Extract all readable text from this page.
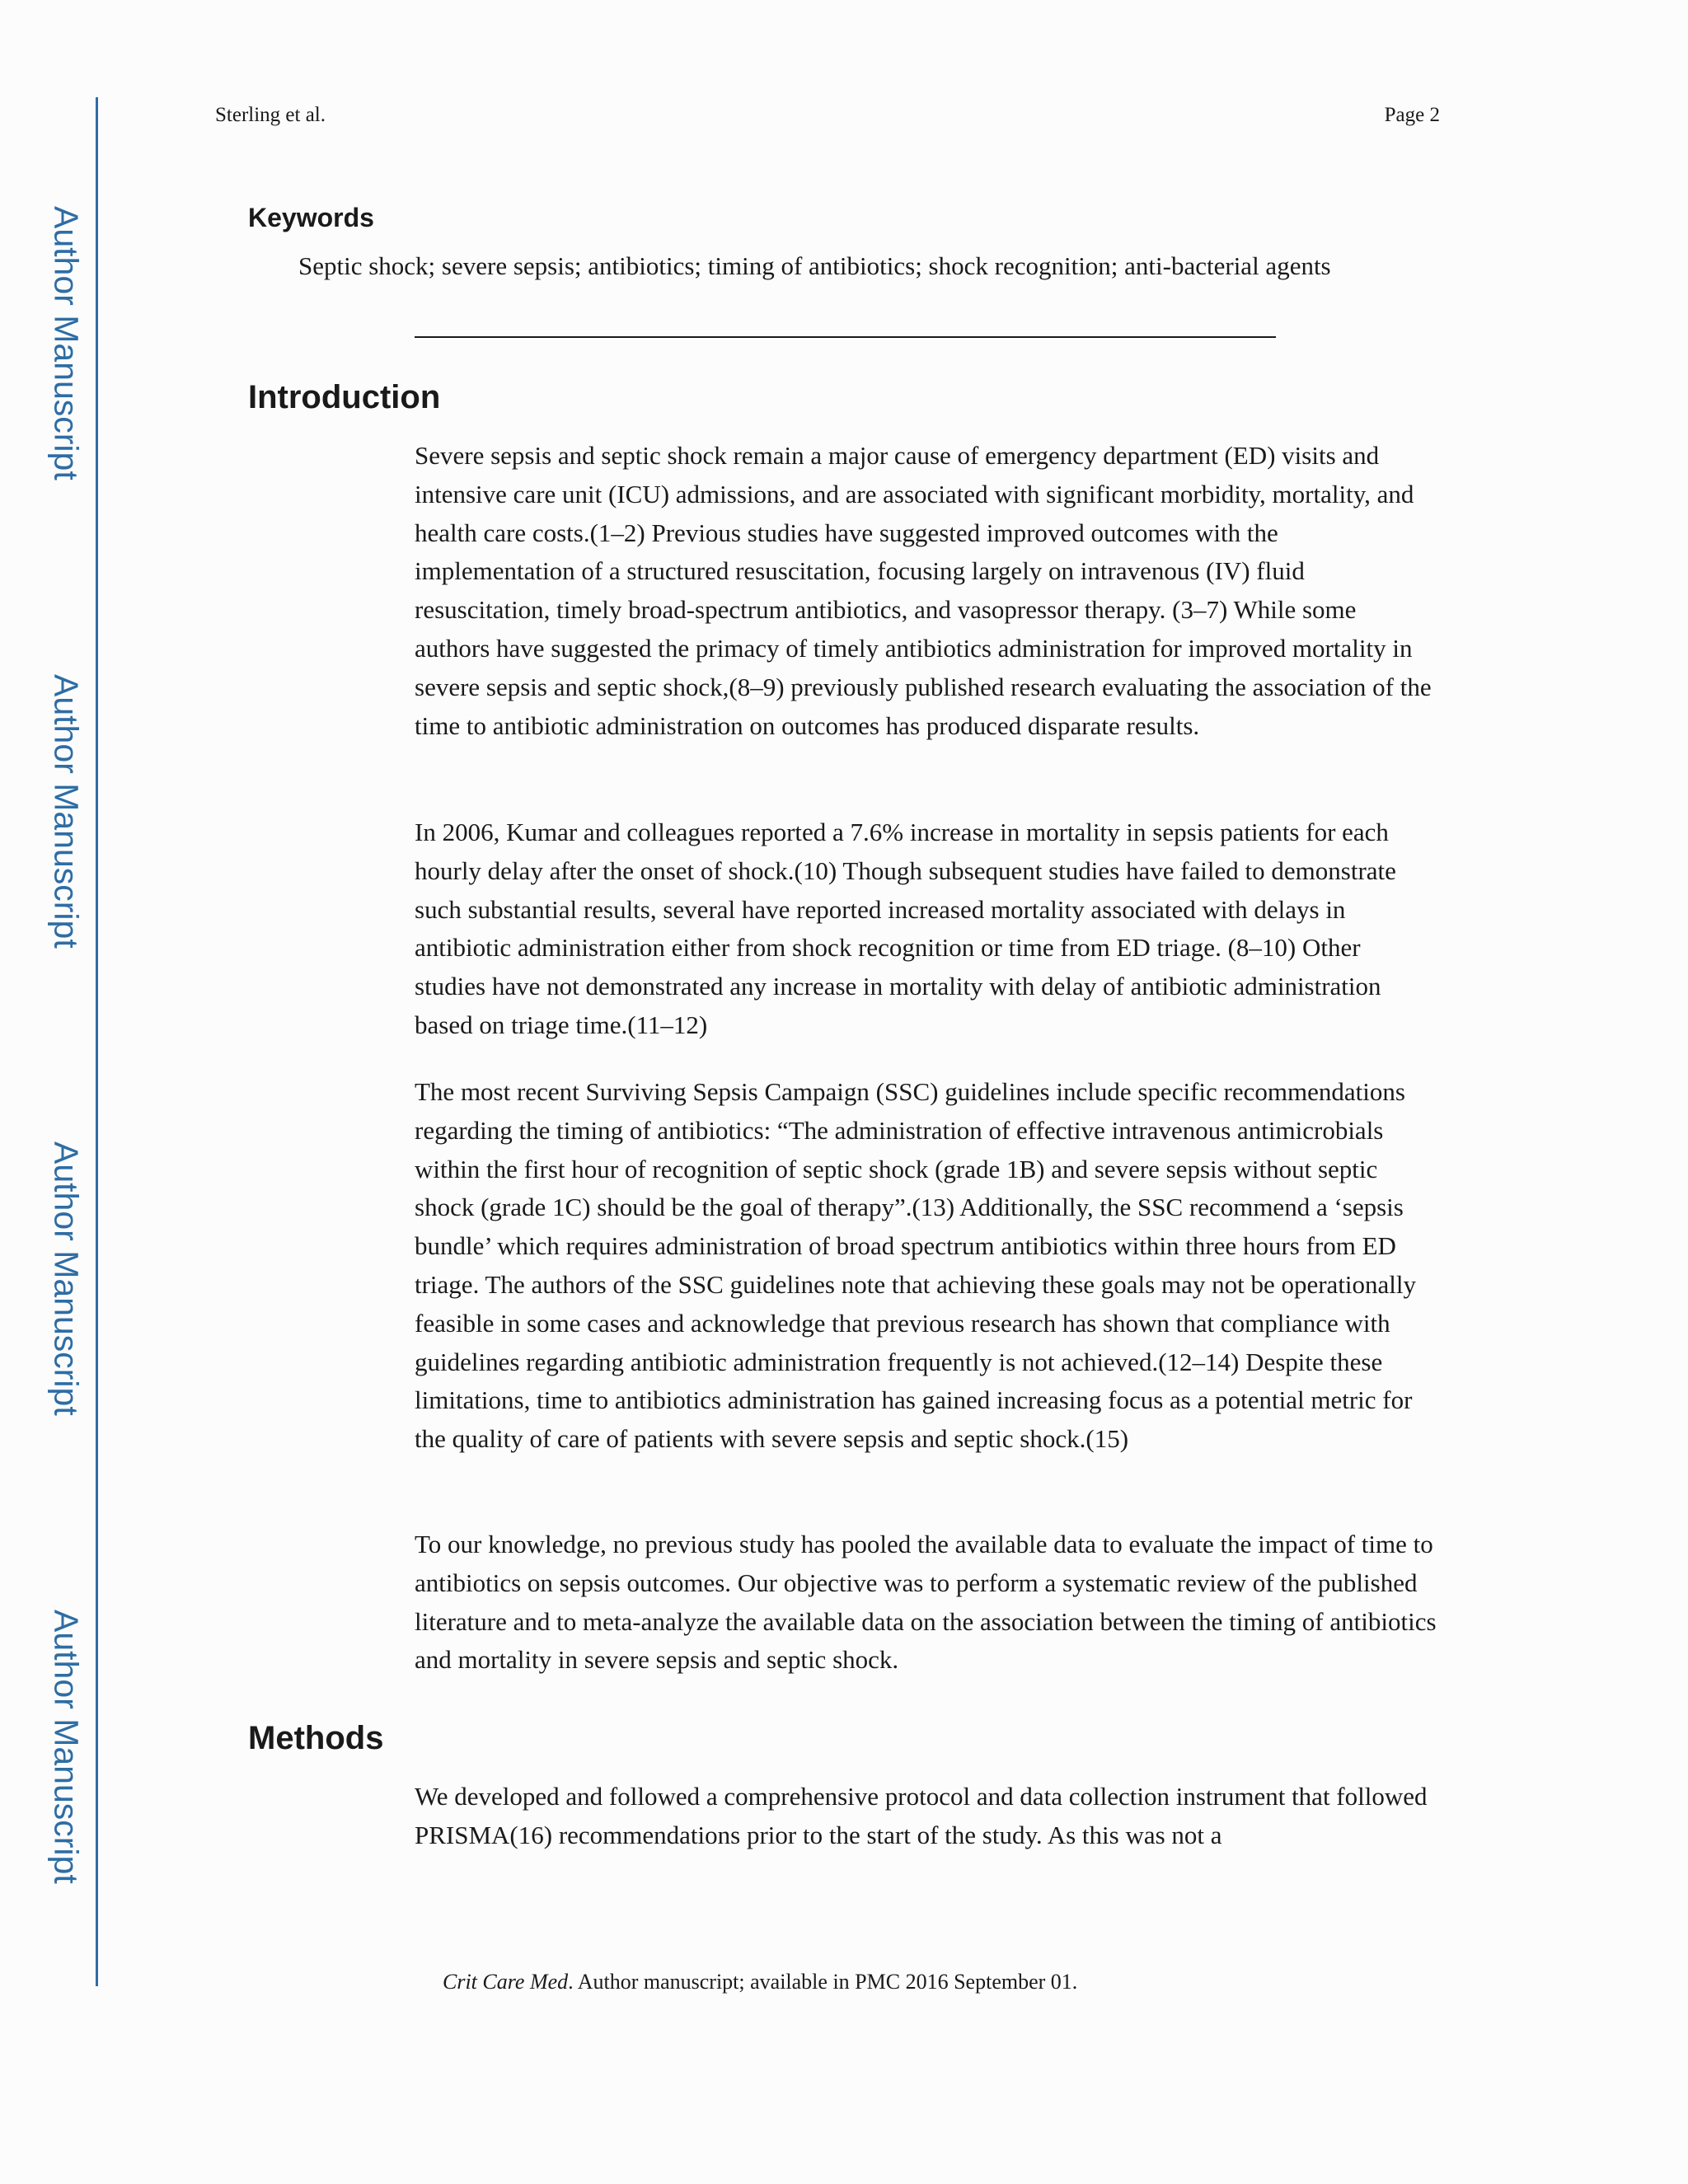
Author Manuscript
Author Manuscript
Author Manuscript
Author Manuscript
Sterling et al.	Page 2
Keywords
Septic shock; severe sepsis; antibiotics; timing of antibiotics; shock recognition; anti-bacterial agents
Introduction

Severe sepsis and septic shock remain a major cause of emergency department (ED) visits and intensive care unit (ICU) admissions, and are associated with significant morbidity, mortality, and health care costs.(1–2) Previous studies have suggested improved outcomes with the implementation of a structured resuscitation, focusing largely on intravenous (IV) fluid resuscitation, timely broad-spectrum antibiotics, and vasopressor therapy. (3–7) While some authors have suggested the primacy of timely antibiotics administration for improved mortality in severe sepsis and septic shock,(8–9) previously published research evaluating the association of the time to antibiotic administration on outcomes has produced disparate results.

In 2006, Kumar and colleagues reported a 7.6% increase in mortality in sepsis patients for each hourly delay after the onset of shock.(10) Though subsequent studies have failed to demonstrate such substantial results, several have reported increased mortality associated with delays in antibiotic administration either from shock recognition or time from ED triage. (8–10) Other studies have not demonstrated any increase in mortality with delay of antibiotic administration based on triage time.(11–12)

The most recent Surviving Sepsis Campaign (SSC) guidelines include specific recommendations regarding the timing of antibiotics: “The administration of effective intravenous antimicrobials within the first hour of recognition of septic shock (grade 1B) and severe sepsis without septic shock (grade 1C) should be the goal of therapy”.(13) Additionally, the SSC recommend a ‘sepsis bundle’ which requires administration of broad spectrum antibiotics within three hours from ED triage. The authors of the SSC guidelines note that achieving these goals may not be operationally feasible in some cases and acknowledge that previous research has shown that compliance with guidelines regarding antibiotic administration frequently is not achieved.(12–14) Despite these limitations, time to antibiotics administration has gained increasing focus as a potential metric for the quality of care of patients with severe sepsis and septic shock.(15)

To our knowledge, no previous study has pooled the available data to evaluate the impact of time to antibiotics on sepsis outcomes. Our objective was to perform a systematic review of the published literature and to meta-analyze the available data on the association between the timing of antibiotics and mortality in severe sepsis and septic shock.

Methods

We developed and followed a comprehensive protocol and data collection instrument that followed PRISMA(16) recommendations prior to the start of the study. As this was not a

Crit Care Med. Author manuscript; available in PMC 2016 September 01.
